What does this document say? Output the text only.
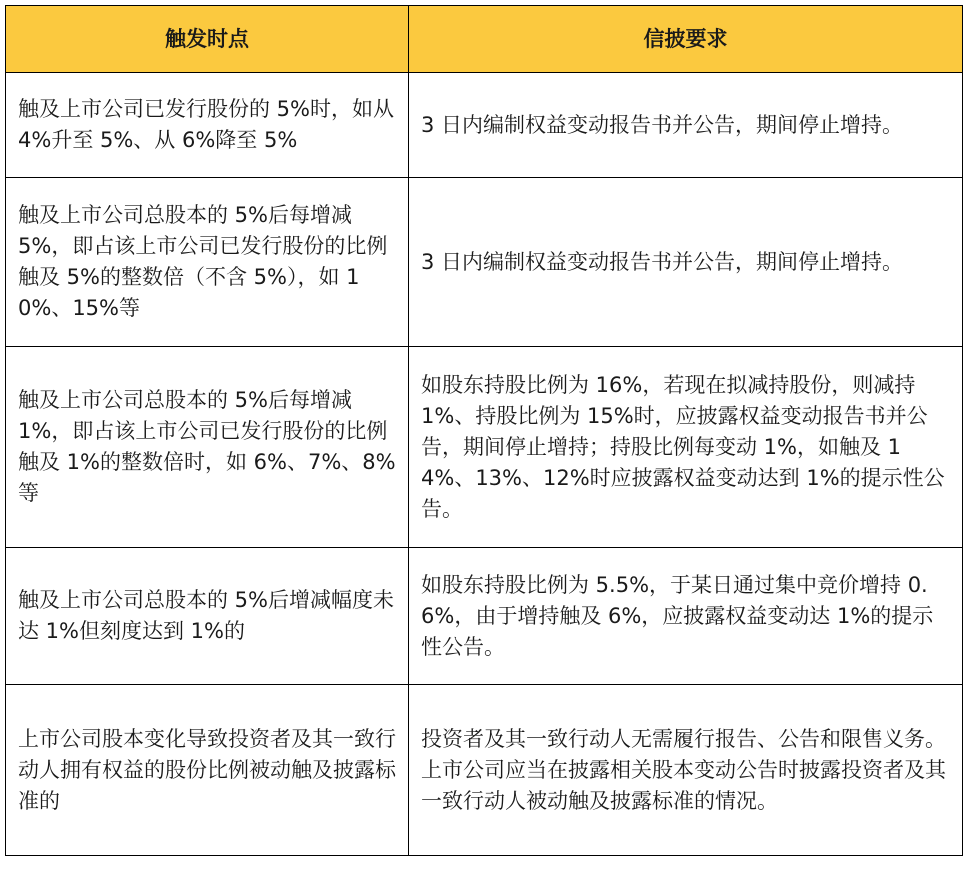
触发时点	信披要求
触及上市公司已发行股份的 5%时，如从 4%升至 5%、从 6%降至 5%	3 日内编制权益变动报告书并公告，期间停止增持。
触及上市公司总股本的 5%后每增减 5%，即占该上市公司已发行股份的比例触及 5%的整数倍（不含 5%），如 10%、15%等	3 日内编制权益变动报告书并公告，期间停止增持。
触及上市公司总股本的 5%后每增减 1%，即占该上市公司已发行股份的比例触及 1%的整数倍时，如 6%、7%、8%等	如股东持股比例为 16%，若现在拟减持股份，则减持 1%、持股比例为 15%时，应披露权益变动报告书并公告，期间停止增持；持股比例每变动 1%，如触及 14%、13%、12%时应披露权益变动达到 1%的提示性公告。
触及上市公司总股本的 5%后增减幅度未达 1%但刻度达到 1%的	如股东持股比例为 5.5%，于某日通过集中竞价增持 0.6%，由于增持触及 6%，应披露权益变动达 1%的提示性公告。
上市公司股本变化导致投资者及其一致行动人拥有权益的股份比例被动触及披露标准的	投资者及其一致行动人无需履行报告、公告和限售义务。上市公司应当在披露相关股本变动公告时披露投资者及其一致行动人被动触及披露标准的情况。
